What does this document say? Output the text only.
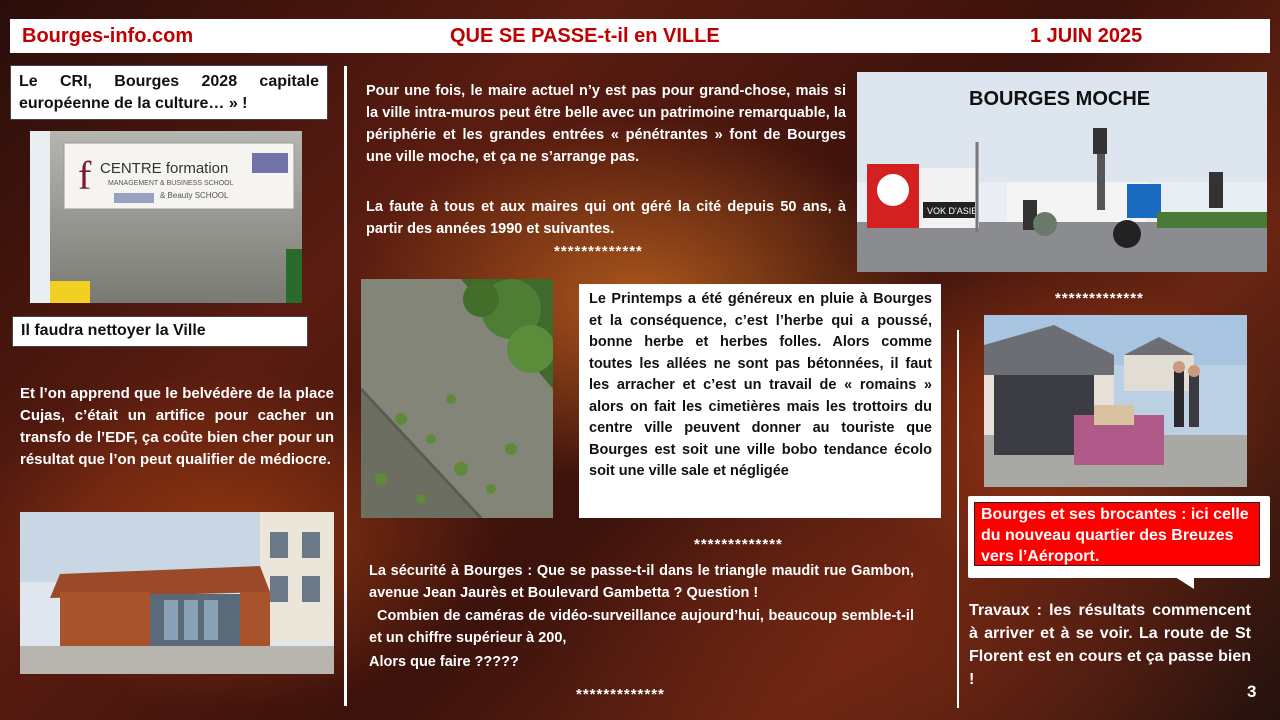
Bourges-info.com	QUE SE PASSE-t-il en VILLE	1 JUIN 2025
Le CRI, Bourges 2028 capitale européenne de la culture… » !
f CENTRE formation
MANAGEMENT & BUSINESS SCHOOL
& Beauty SCHOOL
Il faudra nettoyer la Ville
Et l’on apprend que le belvédère de la place Cujas, c’était un artifice pour cacher un transfo de l’EDF, ça coûte bien cher pour un résultat que l’on peut qualifier de médiocre.
Pour une fois, le maire actuel n’y est pas pour grand-chose, mais si la ville intra-muros peut être belle avec un patrimoine remarquable, la périphérie et les grandes entrées « pénétrantes » font de Bourges une ville moche, et ça ne s’arrange pas.
La faute à tous et aux maires qui ont géré la cité depuis 50 ans, à partir des années 1990 et suivantes.
*************
Le Printemps a été généreux en pluie à Bourges et la conséquence, c’est l’herbe qui a poussé, bonne herbe et herbes folles. Alors comme toutes les allées ne sont pas bétonnées, il faut les arracher et c’est un travail de « romains » alors on fait les cimetières mais les trottoirs du centre ville peuvent donner au touriste que Bourges est soit une ville bobo tendance écolo soit une ville sale et négligée
*************
La sécurité à Bourges : Que se passe-t-il dans le triangle maudit rue Gambon, avenue Jean Jaurès et Boulevard Gambetta ? Question !
Combien de caméras de vidéo-surveillance aujourd’hui, beaucoup semble-t-il et un chiffre supérieur à 200,
Alors que faire ?????
*************
VOK D'ASIE
BOURGES MOCHE
*************
Bourges et ses brocantes : ici celle du nouveau quartier des Breuzes vers l’Aéroport.
Travaux : les résultats commencent à arriver et à se voir. La route de St Florent est en cours et ça passe bien !
3
